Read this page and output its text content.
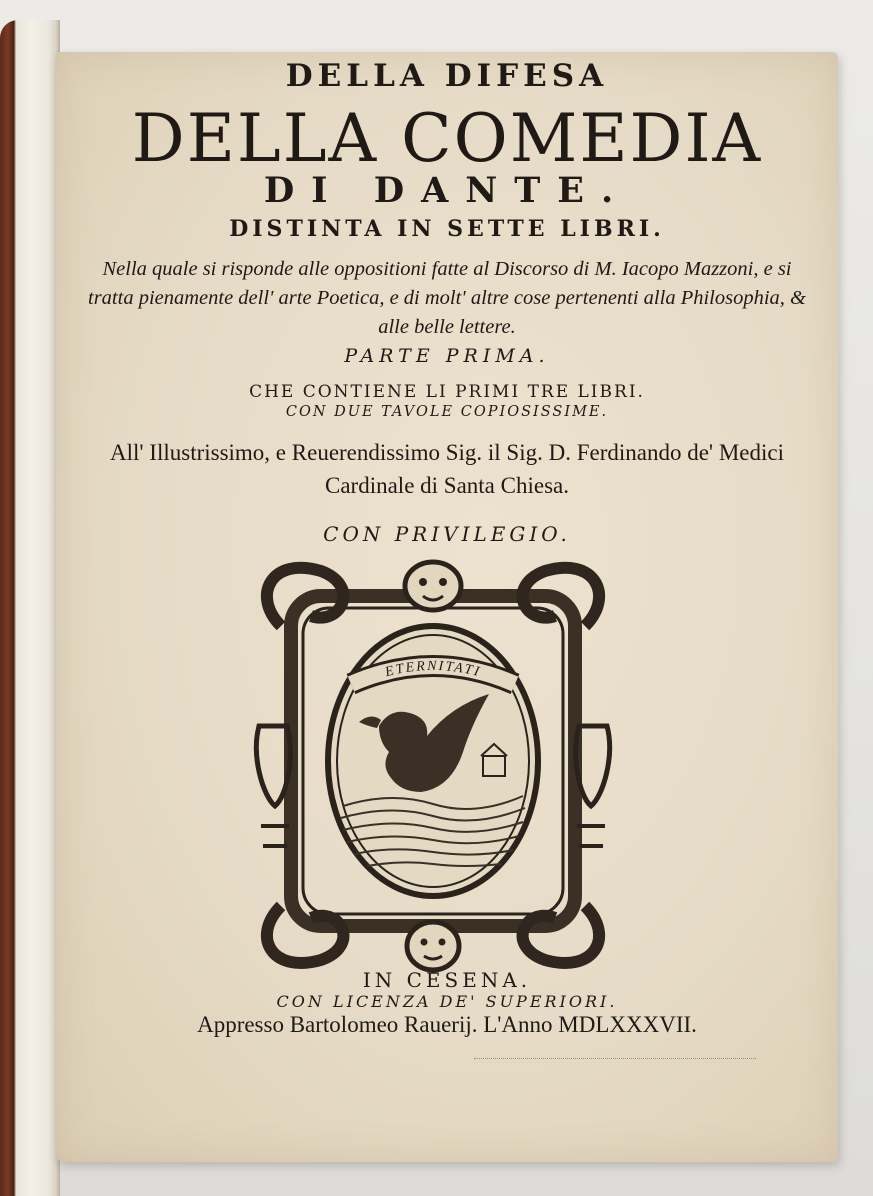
DELLA DIFESA
DELLA COMEDIA
DI DANTE.
DISTINTA IN SETTE LIBRI.
Nella quale si risponde alle oppositioni fatte al Discorso di M. Iacopo Mazzoni, e si tratta pienamente dell' arte Poetica, e di molt' altre cose pertenenti alla Philosophia, & alle belle lettere.
PARTE PRIMA.
CHE CONTIENE LI PRIMI TRE LIBRI.
CON DUE TAVOLE COPIOSISSIME.
All' Illustrissimo, e Reuerendissimo Sig. il Sig. D. Ferdinando de' Medici Cardinale di Santa Chiesa.
CON PRIVILEGIO.
ETERNITATI
IN CESENA.
CON LICENZA DE' SUPERIORI.
Appresso Bartolomeo Rauerij. L'Anno MDLXXXVII.
